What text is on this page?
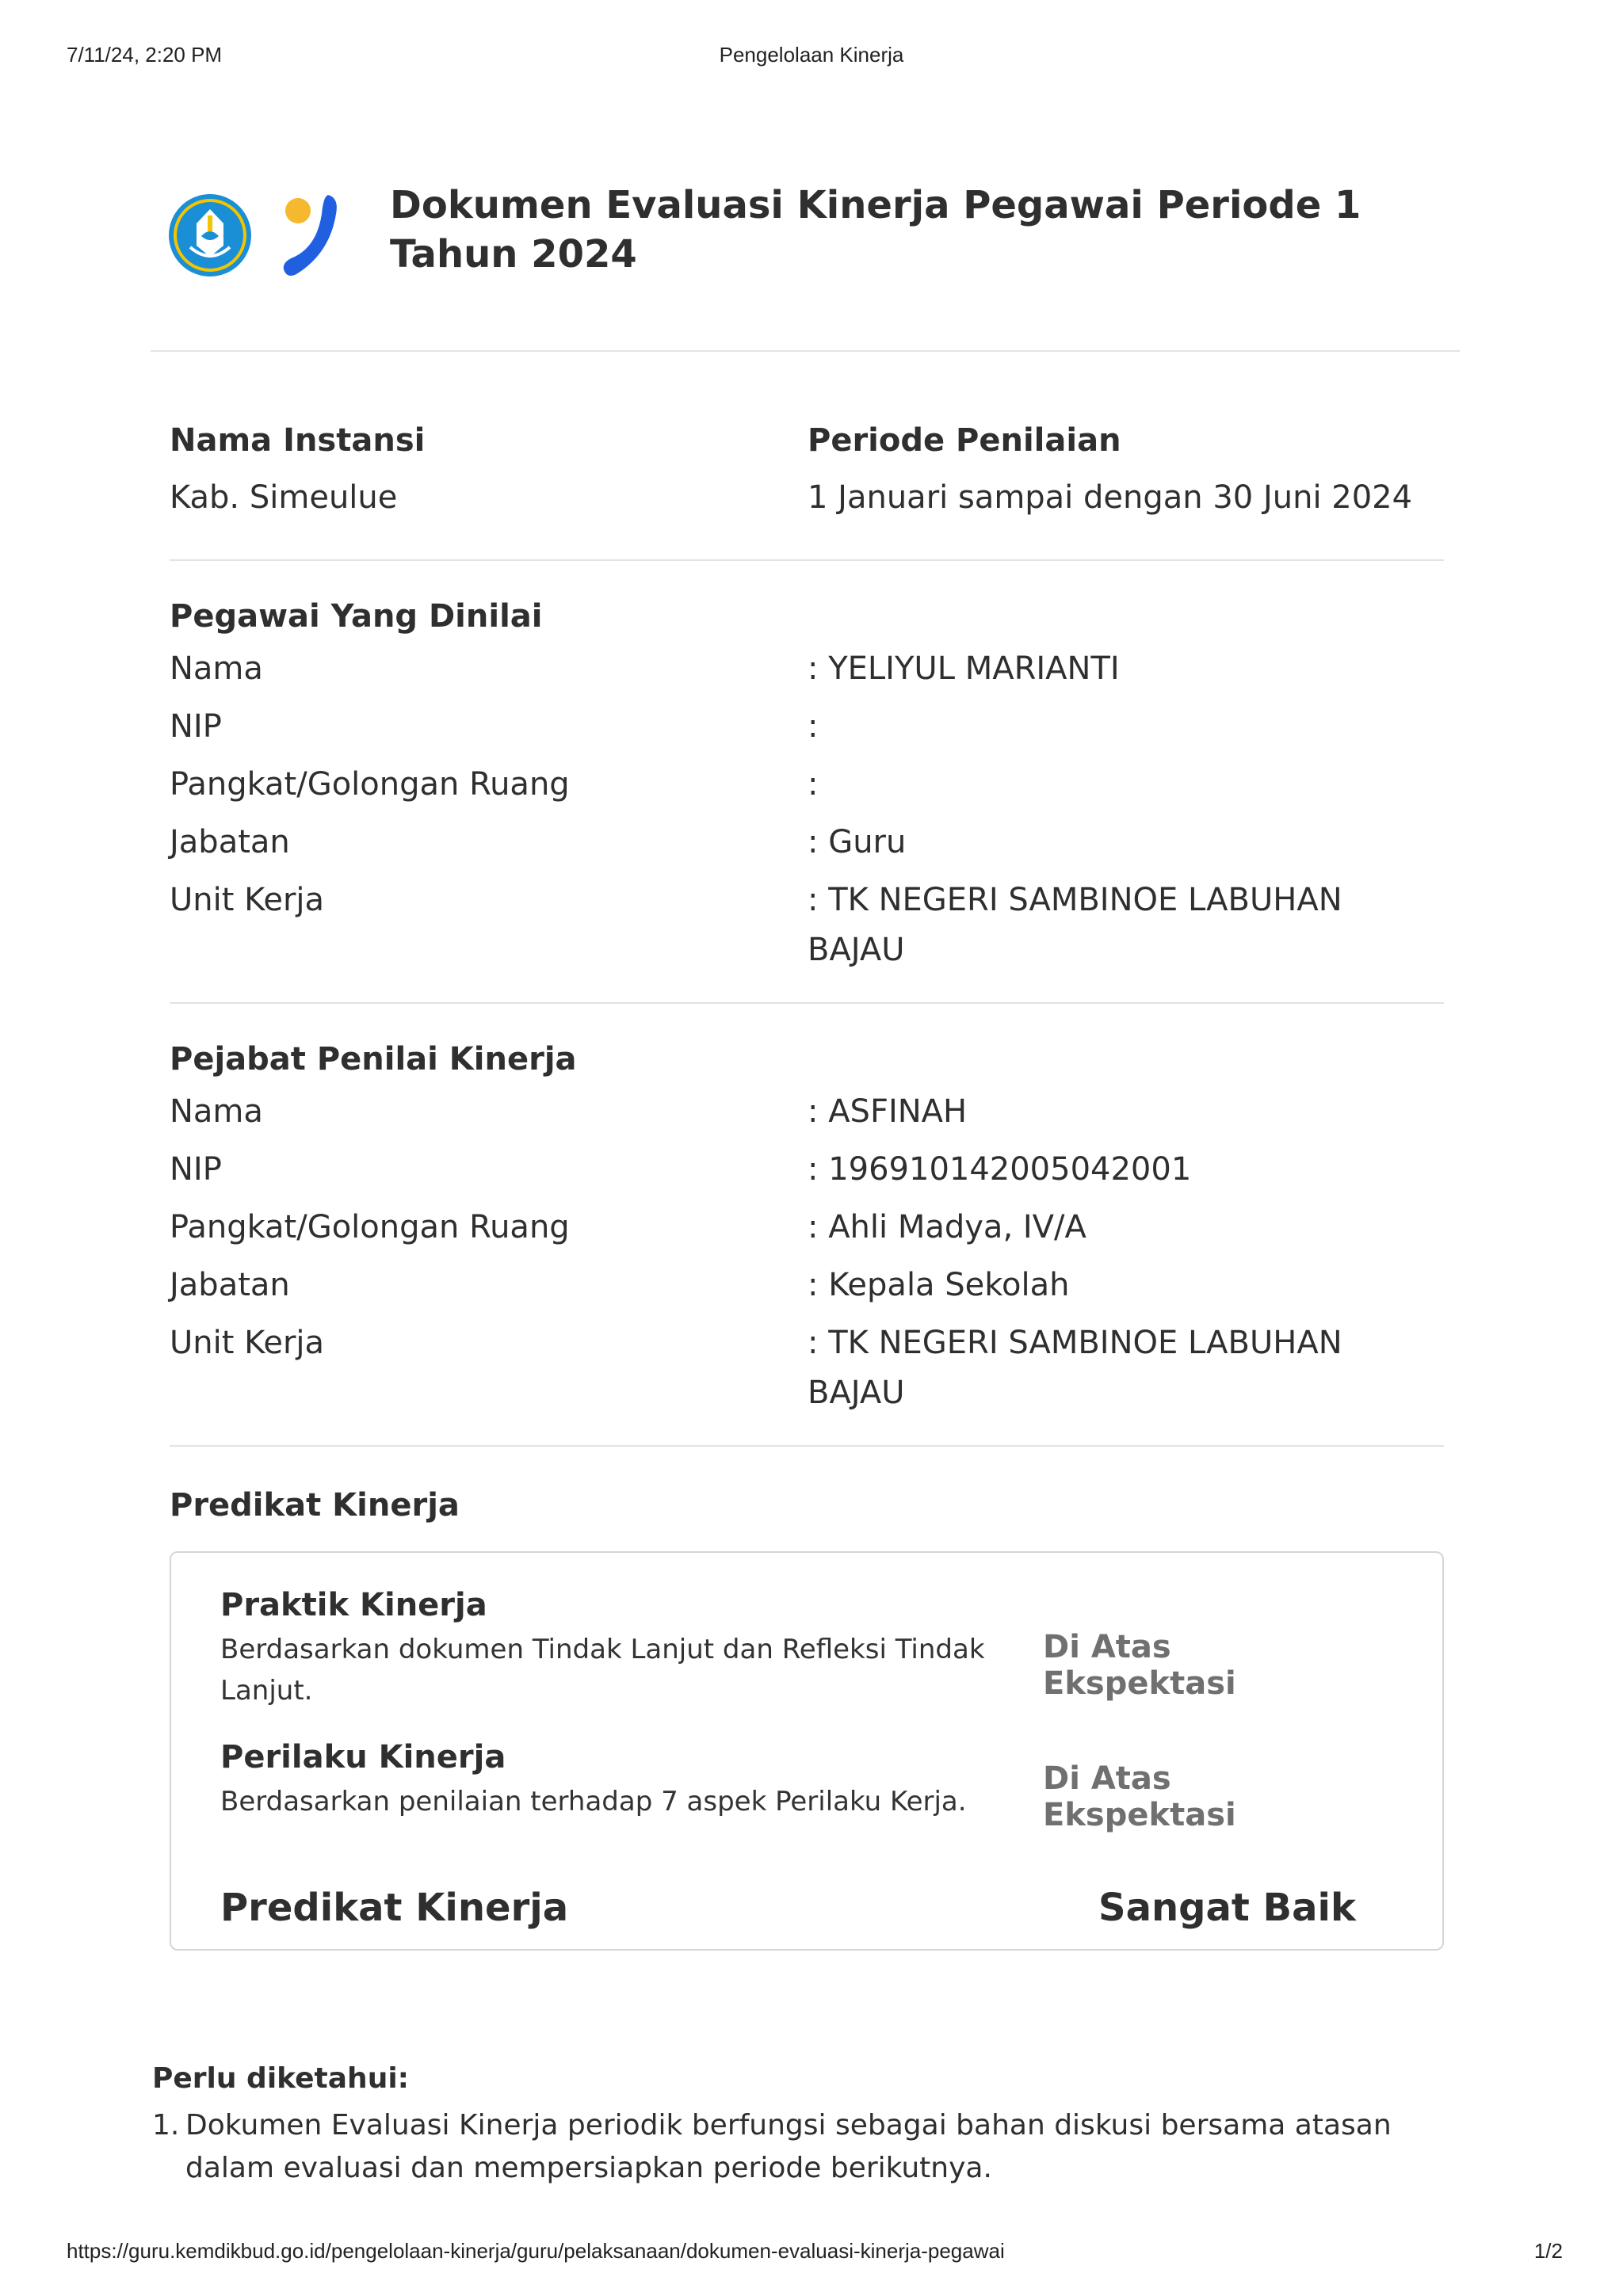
7/11/24, 2:20 PM	Pengelolaan Kinerja
Dokumen Evaluasi Kinerja Pegawai Periode 1 Tahun 2024
Nama Instansi
Kab. Simeulue
Periode Penilaian
1 Januari sampai dengan 30 Juni 2024
Pegawai Yang Dinilai
Nama	: YELIYUL MARIANTI
NIP	:
Pangkat/Golongan Ruang	:
Jabatan	: Guru
Unit Kerja	: TK NEGERI SAMBINOE LABUHAN BAJAU
Pejabat Penilai Kinerja
Nama	: ASFINAH
NIP	: 196910142005042001
Pangkat/Golongan Ruang	: Ahli Madya, IV/A
Jabatan	: Kepala Sekolah
Unit Kerja	: TK NEGERI SAMBINOE LABUHAN BAJAU
Predikat Kinerja
Praktik Kinerja
Berdasarkan dokumen Tindak Lanjut dan Refleksi Tindak Lanjut.
Di Atas Ekspektasi
Perilaku Kinerja
Berdasarkan penilaian terhadap 7 aspek Perilaku Kerja.
Di Atas Ekspektasi
Predikat Kinerja	Sangat Baik
Perlu diketahui:
1. Dokumen Evaluasi Kinerja periodik berfungsi sebagai bahan diskusi bersama atasan dalam evaluasi dan mempersiapkan periode berikutnya.
https://guru.kemdikbud.go.id/pengelolaan-kinerja/guru/pelaksanaan/dokumen-evaluasi-kinerja-pegawai	1/2
